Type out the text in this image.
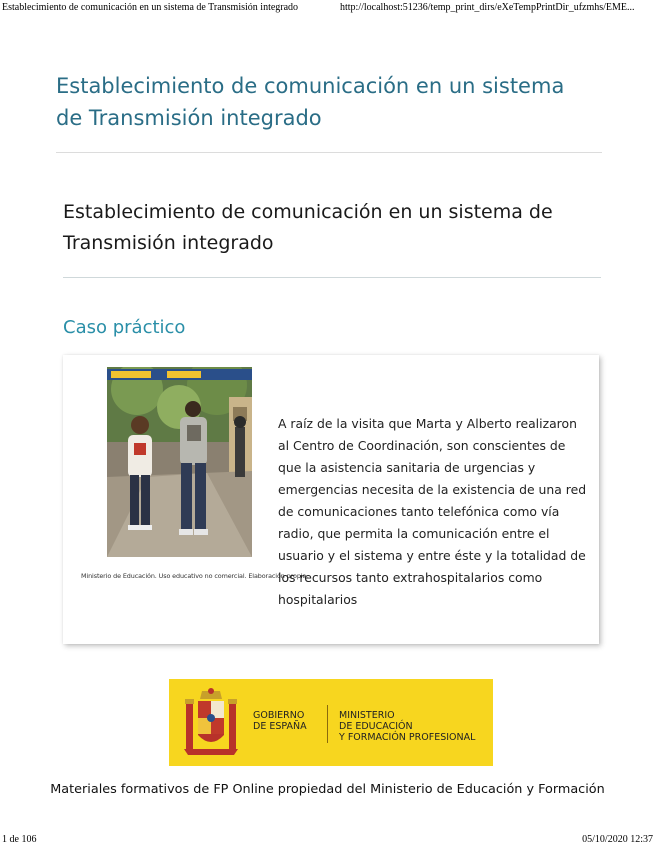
Establecimiento de comunicación en un sistema de Transmisión integrado	http://localhost:51236/temp_print_dirs/eXeTempPrintDir_ufzmhs/EME...
Establecimiento de comunicación en un sistema de Transmisión integrado
Establecimiento de comunicación en un sistema de Transmisión integrado
Caso práctico
Ministerio de Educación. Uso educativo no comercial. Elaboración propia.

A raíz de la visita que Marta y Alberto realizaron al Centro de Coordinación, son conscientes de que la asistencia sanitaria de urgencias y emergencias necesita de la existencia de una red de comunicaciones tanto telefónica como vía radio, que permita la comunicación entre el usuario y el sistema y entre éste y la totalidad de los recursos tanto extrahospitalarios como hospitalarios

GOBIERNO
DE ESPAÑA
MINISTERIO
DE EDUCACIÓN
Y FORMACIÓN PROFESIONAL
Materiales formativos de FP Online propiedad del Ministerio de Educación y Formación
1 de 106	05/10/2020 12:37
